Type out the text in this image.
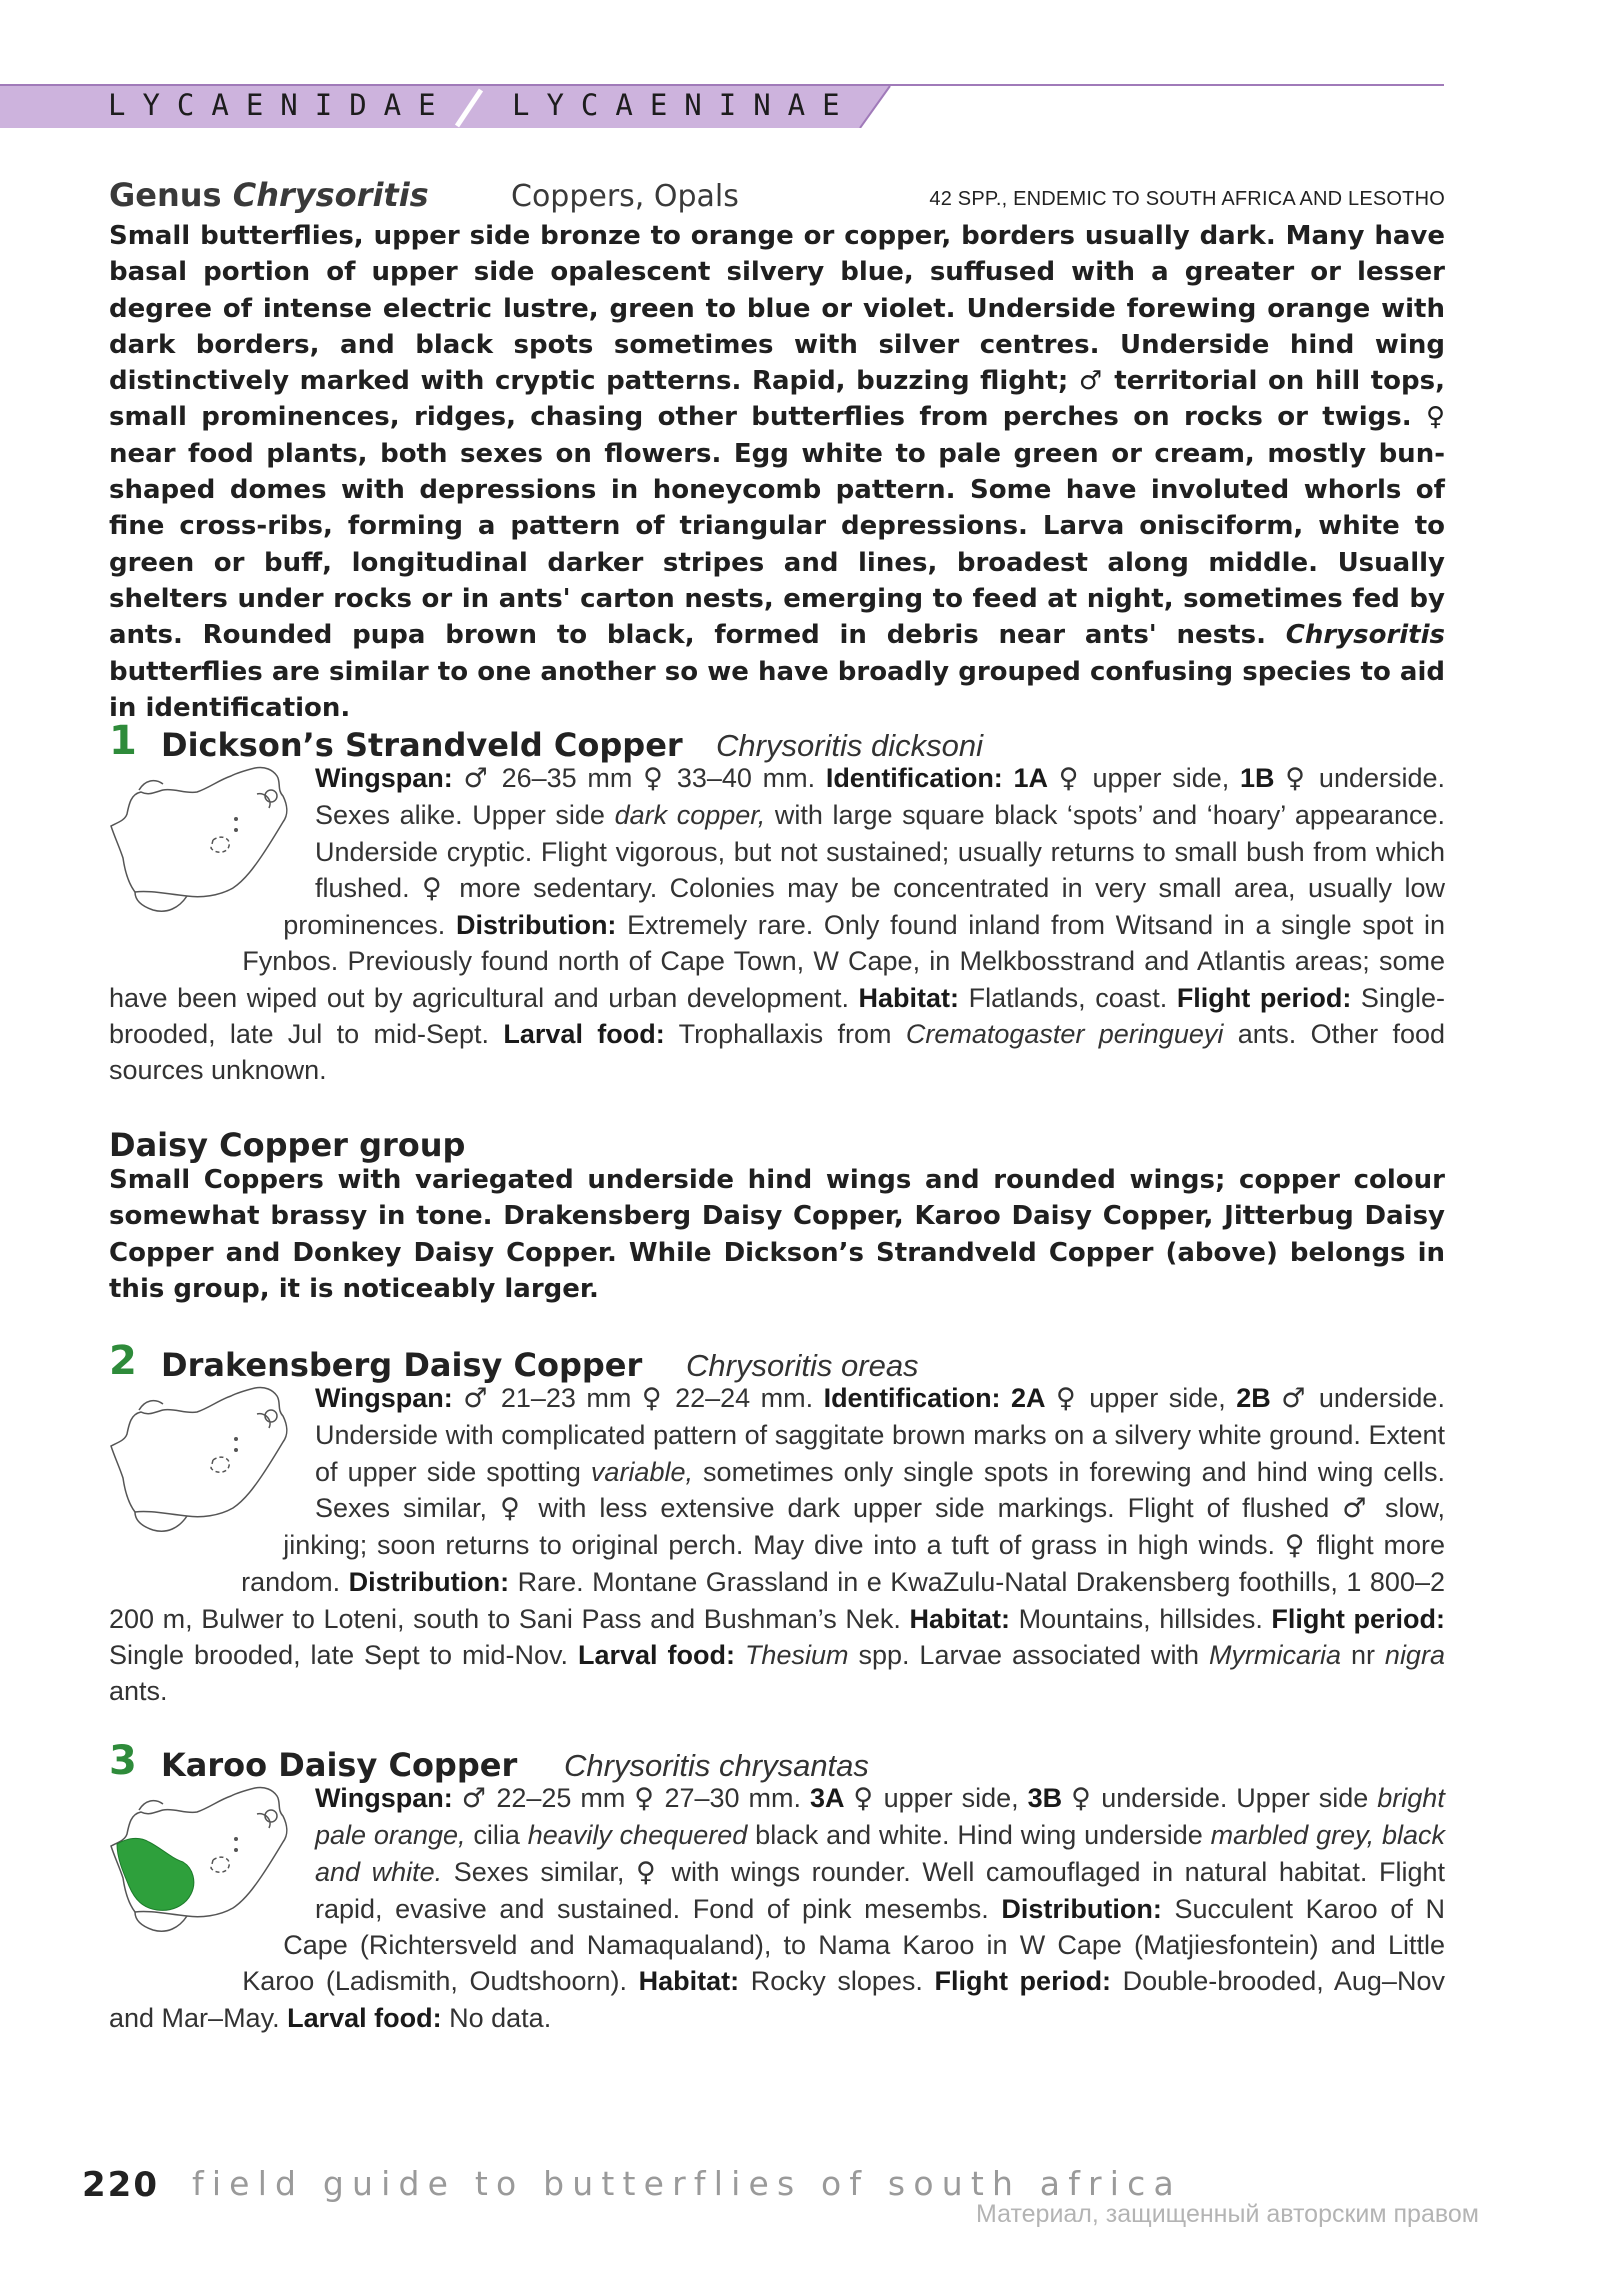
LYCAENIDAE LYCAENINAE
Genus Chrysoritis	Coppers, Opals	42 SPP., ENDEMIC TO SOUTH AFRICA AND LESOTHO

Small butterflies, upper side bronze to orange or copper, borders usually dark. Many have basal portion of upper side opalescent silvery blue, suffused with a greater or lesser degree of intense electric lustre, green to blue or violet. Underside forewing orange with dark borders, and black spots sometimes with silver centres. Underside hind wing distinctively marked with cryptic patterns. Rapid, buzzing flight; ♂ territorial on hill tops, small prominences, ridges, chasing other butterflies from perches on rocks or twigs. ♀ near food plants, both sexes on flowers. Egg white to pale green or cream, mostly bun-shaped domes with depressions in honeycomb pattern. Some have involuted whorls of fine cross-ribs, forming a pattern of triangular depressions. Larva onisciform, white to green or buff, longitudinal darker stripes and lines, broadest along middle. Usually shelters under rocks or in ants' carton nests, emerging to feed at night, sometimes fed by ants. Rounded pupa brown to black, formed in debris near ants' nests. Chrysoritis butterflies are similar to one another so we have broadly grouped confusing species to aid in identification.

1 Dickson’s Strandveld Copper Chrysoritis dicksoni

Wingspan: ♂ 26–35 mm ♀ 33–40 mm. Identification: 1A ♀ upper side, 1B ♀ underside. Sexes alike. Upper side dark copper, with large square black ‘spots’ and ‘hoary’ appearance. Underside cryptic. Flight vigorous, but not sustained; usually returns to small bush from which flushed. ♀ more sedentary. Colonies may be concentrated in very small area, usually low prominences. Distribution: Extremely rare. Only found inland from Witsand in a single spot in Fynbos. Previously found north of Cape Town, W Cape, in Melkbosstrand and Atlantis areas; some have been wiped out by agricultural and urban development. Habitat: Flatlands, coast. Flight period: Single-brooded, late Jul to mid-Sept. Larval food: Trophallaxis from Crematogaster peringueyi ants. Other food sources unknown.

Daisy Copper group

Small Coppers with variegated underside hind wings and rounded wings; copper colour somewhat brassy in tone. Drakensberg Daisy Copper, Karoo Daisy Copper, Jitterbug Daisy Copper and Donkey Daisy Copper. While Dickson’s Strandveld Copper (above) belongs in this group, it is noticeably larger.

2 Drakensberg Daisy Copper Chrysoritis oreas

Wingspan: ♂ 21–23 mm ♀ 22–24 mm. Identification: 2A ♀ upper side, 2B ♂ underside. Underside with complicated pattern of saggitate brown marks on a silvery white ground. Extent of upper side spotting variable, sometimes only single spots in forewing and hind wing cells. Sexes similar, ♀ with less extensive dark upper side markings. Flight of flushed ♂ slow, jinking; soon returns to original perch. May dive into a tuft of grass in high winds. ♀ flight more random. Distribution: Rare. Montane Grassland in e KwaZulu-Natal Drakensberg foothills, 1 800–2 200 m, Bulwer to Loteni, south to Sani Pass and Bushman’s Nek. Habitat: Mountains, hillsides. Flight period: Single brooded, late Sept to mid-Nov. Larval food: Thesium spp. Larvae associated with Myrmicaria nr nigra ants.

3 Karoo Daisy Copper Chrysoritis chrysantas

Wingspan: ♂ 22–25 mm ♀ 27–30 mm. 3A ♀ upper side, 3B ♀ underside. Upper side bright pale orange, cilia heavily chequered black and white. Hind wing underside marbled grey, black and white. Sexes similar, ♀ with wings rounder. Well camouflaged in natural habitat. Flight rapid, evasive and sustained. Fond of pink mesembs. Distribution: Succulent Karoo of N Cape (Richtersveld and Namaqualand), to Nama Karoo in W Cape (Matjiesfontein) and Little Karoo (Ladismith, Oudtshoorn). Habitat: Rocky slopes. Flight period: Double-brooded, Aug–Nov and Mar–May. Larval food: No data.

220 field guide to butterflies of south africa
Материал, защищенный авторским правом
